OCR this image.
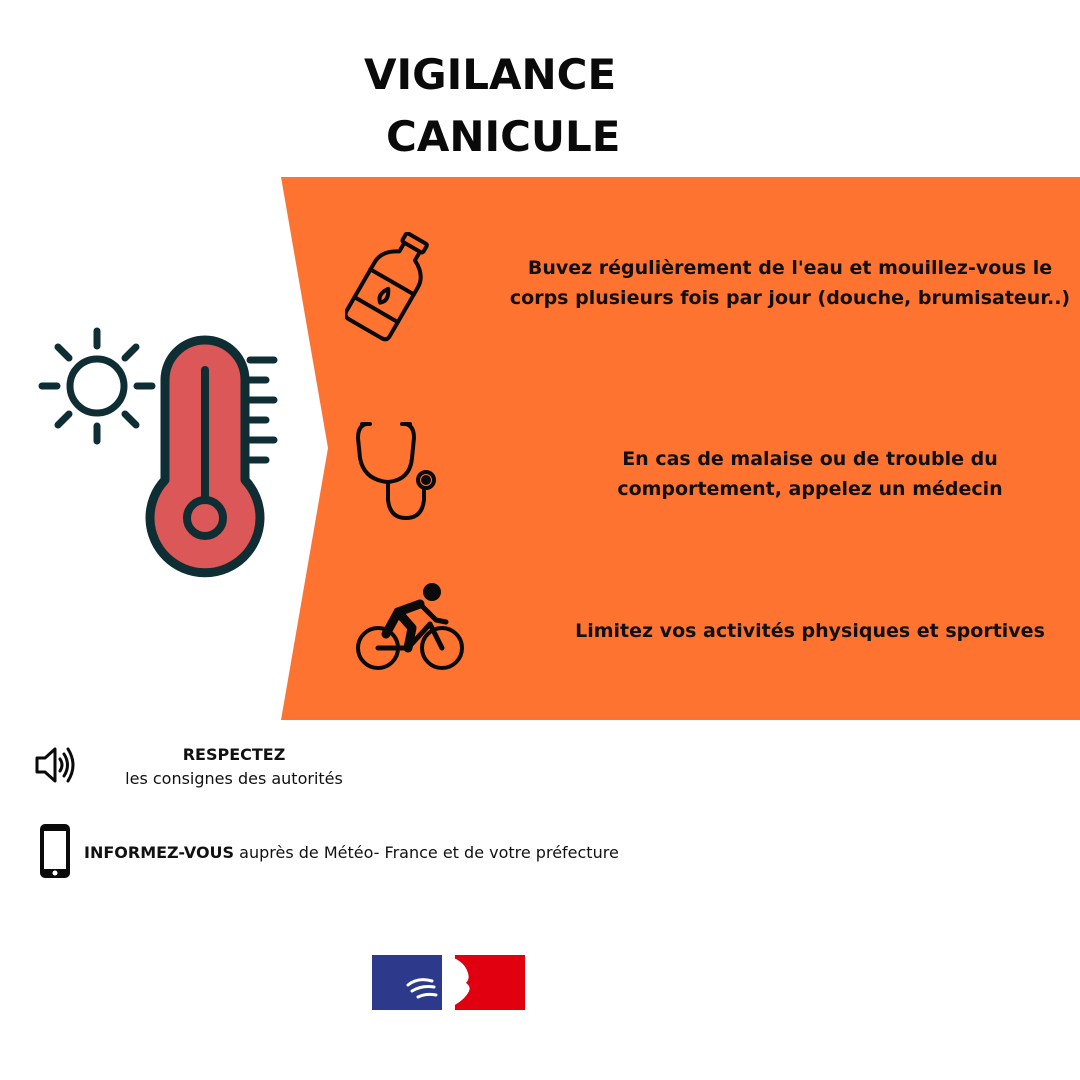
VIGILANCE
CANICULE

Buvez régulièrement de l'eau et mouillez-vous le
corps plusieurs fois par jour (douche, brumisateur..)

En cas de malaise ou de trouble du
comportement, appelez un médecin

Limitez vos activités physiques et sportives

RESPECTEZ
les consignes des autorités

INFORMEZ-VOUS auprès de Météo- France et de votre préfecture
